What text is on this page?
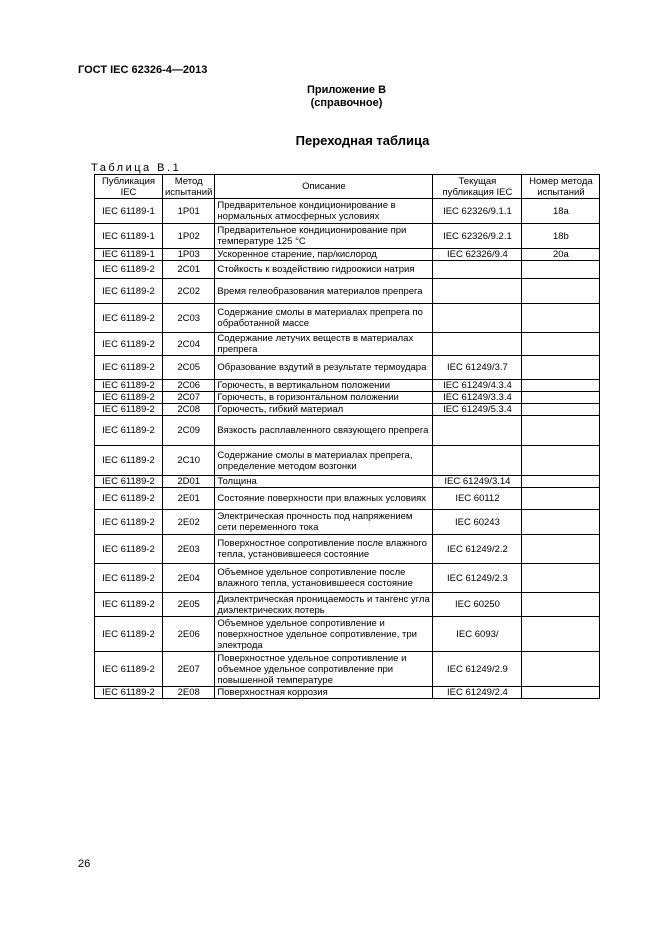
ГОСТ IEC 62326-4—2013
Приложение В
(справочное)
Переходная таблица
Таблица В.1
Публикация IEC	Метод испытаний	Описание	Текущая публикация IEC	Номер метода испытаний
IEC 61189-1	1P01	Предварительное кондиционирование в нормальных атмосферных условиях	IEC 62326/9.1.1	18a
IEC 61189-1	1P02	Предварительное кондиционирование при температуре 125 °C	IEC 62326/9.2.1	18b
IEC 61189-1	1P03	Ускоренное старение, пар/кислород	IEC 62326/9.4	20a
IEC 61189-2	2C01	Стойкость к воздействию гидроокиси натрия		
IEC 61189-2	2C02	Время гелеобразования материалов препрега		
IEC 61189-2	2C03	Содержание смолы в материалах препрега по обработанной массе		
IEC 61189-2	2C04	Содержание летучих веществ в материалах препрега		
IEC 61189-2	2C05	Образование вздутий в результате термоудара	IEC 61249/3.7	
IEC 61189-2	2C06	Горючесть, в вертикальном положении	IEC 61249/4.3.4	
IEC 61189-2	2C07	Горючесть, в горизонтальном положении	IEC 61249/3.3.4	
IEC 61189-2	2C08	Горючесть, гибкий материал	IEC 61249/5.3.4	
IEC 61189-2	2C09	Вязкость расплавленного связующего препрега		
IEC 61189-2	2C10	Содержание смолы в материалах препрега, определение методом возгонки		
IEC 61189-2	2D01	Толщина	IEC 61249/3.14	
IEC 61189-2	2E01	Состояние поверхности при влажных условиях	IEC 60112	
IEC 61189-2	2E02	Электрическая прочность под напряжением сети переменного тока	IEC 60243	
IEC 61189-2	2E03	Поверхностное сопротивление после влажного тепла, установившееся состояние	IEC 61249/2.2	
IEC 61189-2	2E04	Объемное удельное сопротивление после влажного тепла, установившееся состояние	IEC 61249/2.3	
IEC 61189-2	2E05	Диэлектрическая проницаемость и тангенс угла диэлектрических потерь	IEC 60250	
IEC 61189-2	2E06	Объемное удельное сопротивление и поверхностное удельное сопротивление, три электрода	IEC 6093/	
IEC 61189-2	2E07	Поверхностное удельное сопротивление и объемное удельное сопротивление при повышенной температуре	IEC 61249/2.9	
IEC 61189-2	2E08	Поверхностная коррозия	IEC 61249/2.4	
26
